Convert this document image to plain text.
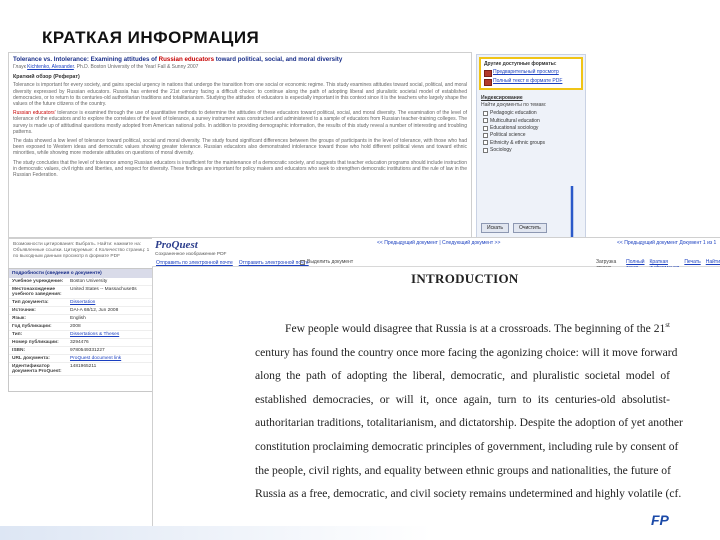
КРАТКАЯ ИНФОРМАЦИЯ
Tolerance vs. Intolerance: Examining attitudes of Russian educators toward political, social, and moral diversity
Глаук Kichtenko, Alexander. Ph.D. Boston University of the Year/ Fall & Sunny 2007
Краткий обзор (Реферат)

Tolerance is important for every society, and gains special urgency in nations that undergo the transition from one social or economic regime. This study examines attitudes toward social, political, and moral diversity expressed by Russian educators. Russia has entered the 21st century facing a difficult choice: to continue along the path of adopting liberal and pluralistic societal model of established democracies, or to return to its centuries-old authoritarian traditions and totalitarianism. Studying the attitudes of educators is especially important in this context since it is the teachers who largely shape the values of the future citizens of the country.

Russian educators' tolerance is examined through the use of quantitative methods to determine the attitudes of these educators toward political, social, and moral diversity. The examination of the level of tolerance of the educators and to explore the correlates of the level of tolerance, a survey instrument was constructed and administered to a sample of educators from Russian teacher-training colleges. The survey is made up of attitudinal questions mostly adopted from American national polls. In addition to providing demographic information, the results of this study reveal a number of interesting and troubling patterns.

The data showed a low level of tolerance toward political, social and moral diversity. The study found significant differences between the groups of participants in the level of tolerance, with those who had been exposed to Western ideas and democratic values showing greater tolerance. Russian educators also demonstrated intolerance toward those who hold different political views and toward ethnic minorities, while showing more moderate attitudes on questions of moral diversity.

The study concludes that the level of tolerance among Russian educators is insufficient for the maintenance of a democratic society, and suggests that teacher education programs should include instruction in democratic values, civil rights and liberties, and respect for diversity. These findings are important for policy makers and educators who seek to strengthen democratic institutions and the rule of law in the Russian Federation.

Другие доступные форматы:
Предварительный просмотр
Полный текст в формате PDF
Индексирование
Найти документы по темам:
Pedagogic education
Multicultural education
Educational sociology
Political science
Ethnicity & ethnic groups
Sociology
Искать	Очистить
Возможности цитирования: Выбрать. Найти: нажмите на: Объявленные ссылки. Цитируемые: 4 Количество страниц: 1 по выходным данным просмотр в формате PDF
Подробности (сведения о документе)
Учебное учреждение:	Boston University
Местонахождение учебного заведения:
United States -- Massachusetts
Тип документа:	Dissertation
Источник:	DAI-A 68/12, Jun 2008
Язык:	English
Год публикации:	2008
Тип:	Dissertations & Theses
Номер публикации:	3294476
ISBN:	9780549331227
URL документа:	ProQuest document link
Идентификатор документа ProQuest:
1481965211
ProQuest
Сохраненное изображение PDF
Отправить по электронной почте Отправить электронной почте
<< Предыдущий документ | Следующий документ >>	<< Предыдущий документ Документ 1 из 1
Выделить документ	Загрузка	Полный Краткая	Печать Найти
INTRODUCTION
Few people would disagree that Russia is at a crossroads. The beginning of the 21st
century has found the country once more facing the agonizing choice: will it move forward
along the path of adopting the liberal, democratic, and pluralistic societal model of
established democracies, or will it, once again, turn to its centuries-old absolutist-
authoritarian traditions, totalitarianism, and dictatorship. Despite the adoption of yet another
constitution proclaiming democratic principles of government, including rule by consent of
the people, civil rights, and equality between ethnic groups and nationalities, the future of
Russia as a free, democratic, and civil society remains undetermined and highly volatile (cf.
FP
